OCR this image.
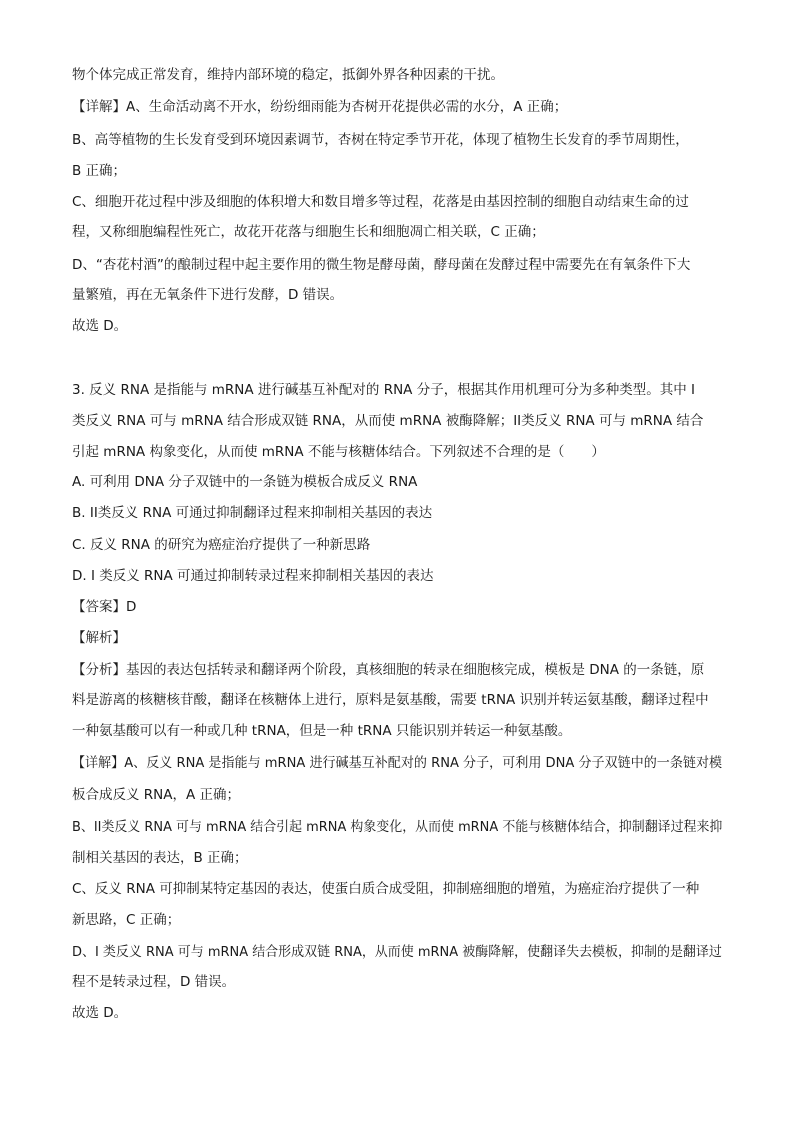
物个体完成正常发育，维持内部环境的稳定，抵御外界各种因素的干扰。
【详解】A、生命活动离不开水，纷纷细雨能为杏树开花提供必需的水分，A 正确；
B、高等植物的生长发育受到环境因素调节，杏树在特定季节开花，体现了植物生长发育的季节周期性，
B 正确；
C、细胞开花过程中涉及细胞的体积增大和数目增多等过程，花落是由基因控制的细胞自动结束生命的过
程，又称细胞编程性死亡，故花开花落与细胞生长和细胞凋亡相关联，C 正确；
D、“杏花村酒”的酿制过程中起主要作用的微生物是酵母菌，酵母菌在发酵过程中需要先在有氧条件下大
量繁殖，再在无氧条件下进行发酵，D 错误。
故选 D。
3. 反义 RNA 是指能与 mRNA 进行碱基互补配对的 RNA 分子，根据其作用机理可分为多种类型。其中 I
类反义 RNA 可与 mRNA 结合形成双链 RNA，从而使 mRNA 被酶降解；II类反义 RNA 可与 mRNA 结合
引起 mRNA 构象变化，从而使 mRNA 不能与核糖体结合。下列叙述不合理的是（　　）
A. 可利用 DNA 分子双链中的一条链为模板合成反义 RNA
B. II类反义 RNA 可通过抑制翻译过程来抑制相关基因的表达
C. 反义 RNA 的研究为癌症治疗提供了一种新思路
D. I 类反义 RNA 可通过抑制转录过程来抑制相关基因的表达
【答案】D
【解析】
【分析】基因的表达包括转录和翻译两个阶段，真核细胞的转录在细胞核完成，模板是 DNA 的一条链，原
料是游离的核糖核苷酸，翻译在核糖体上进行，原料是氨基酸，需要 tRNA 识别并转运氨基酸，翻译过程中
一种氨基酸可以有一种或几种 tRNA，但是一种 tRNA 只能识别并转运一种氨基酸。
【详解】A、反义 RNA 是指能与 mRNA 进行碱基互补配对的 RNA 分子，可利用 DNA 分子双链中的一条链对模
板合成反义 RNA，A 正确；
B、II类反义 RNA 可与 mRNA 结合引起 mRNA 构象变化，从而使 mRNA 不能与核糖体结合，抑制翻译过程来抑
制相关基因的表达，B 正确；
C、反义 RNA 可抑制某特定基因的表达，使蛋白质合成受阻，抑制癌细胞的增殖，为癌症治疗提供了一种
新思路，C 正确；
D、I 类反义 RNA 可与 mRNA 结合形成双链 RNA，从而使 mRNA 被酶降解，使翻译失去模板，抑制的是翻译过
程不是转录过程，D 错误。
故选 D。
